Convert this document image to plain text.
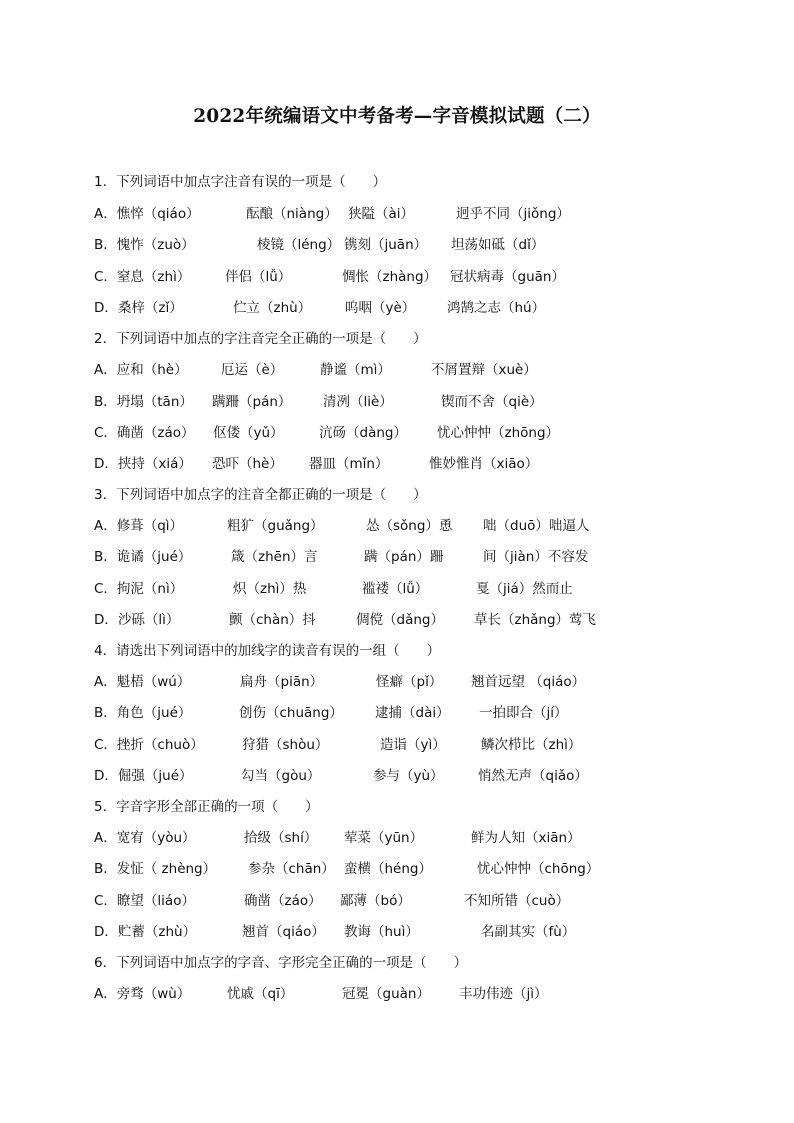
2022年统编语文中考备考—字音模拟试题（二）
1．下列词语中加点字注音有误的一项是（　　）
A．憔悴（qiáo）	酝酿（niàng） 狭隘（ài）	迥乎不同（jiǒng）
B．愧怍（zuò）	棱镜（léng） 镌刻（juān） 坦荡如砥（dǐ）
C．窒息（zhì）	伴侣（lǚ）	惆怅（zhàng） 冠状病毒（guān）
D．桑梓（zǐ）	伫立（zhù）	呜咽（yè） 鸿鹄之志（hú）
2．下列词语中加点的字注音完全正确的一项是（　　）
A．应和（hè） 厄运（è）	静谧（mì）	不屑置辩（xuè）
B．坍塌（tān） 蹒跚（pán） 清冽（liè）	锲而不舍（qiè）
C．确凿（záo） 伛偻（yǔ）	沆砀（dàng） 忧心忡忡（zhōng）
D．挟持（xiá） 恐吓（hè） 器皿（mǐn）	惟妙惟肖（xiāo）
3．下列词语中加点字的注音全都正确的一项是（　　）
A．修葺（qì）	粗犷（guǎng）	怂（sǒng）恿 咄（duō）咄逼人
B．诡谲（jué）	箴（zhēn）言	蹒（pán）跚	间（jiàn）不容发
C．拘泥（nì）	炽（zhì）热	褴褛（lǚ）	戛（jiá）然而止
D．沙砾（lì）	颤（chàn）抖	倜傥（dǎng） 草长（zhǎng）莺飞
4．请选出下列词语中的加线字的读音有误的一组（　　）
A．魁梧（wú）	扁舟（piān）	怪癖（pǐ） 翘首远望 （qiáo）
B．角色（jué）	创伤（chuāng） 逮捕（dài） 一拍即合（jí）
C．挫折（chuò）	狩猎（shòu）	造诣（yì）	鳞次栉比（zhì）
D．倔强（jué）	勾当（gòu）	参与（yù）	悄然无声（qiǎo）
5．字音字形全部正确的一项（　　）
A．宽宥（yòu）	拾级（shí） 荤菜（yūn）	鲜为人知（xiān）
B．发怔（ zhèng） 参杂（chān） 蛮横（héng）	忧心忡忡（chōng）
C．瞭望（liáo）	确凿（záo） 鄙薄（bó）	不知所错（cuò）
D．贮蓄（zhù）	翘首（qiáo） 教诲（huì）	名副其实（fù）
6．下列词语中加点字的字音、字形完全正确的一项是（　　）
A．旁骛（wù）	忧戚（qī）	冠冕（guàn） 丰功伟迹（jì）
